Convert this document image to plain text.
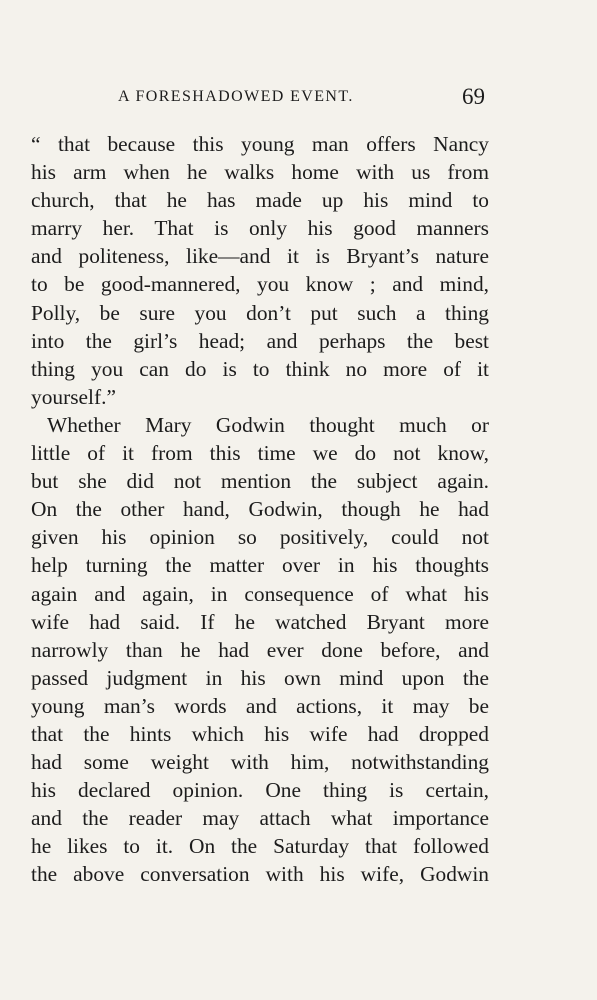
A FORESHADOWED EVENT.	69
“ that because this young man offers Nancy
his arm when he walks home with us from
church, that he has made up his mind to
marry her. That is only his good manners
and politeness, like—and it is Bryant’s nature
to be good-mannered, you know ; and mind,
Polly, be sure you don’t put such a thing
into the girl’s head; and perhaps the best
thing you can do is to think no more of it
yourself.”
Whether Mary Godwin thought much or
little of it from this time we do not know,
but she did not mention the subject again.
On the other hand, Godwin, though he had
given his opinion so positively, could not
help turning the matter over in his thoughts
again and again, in consequence of what his
wife had said. If he watched Bryant more
narrowly than he had ever done before, and
passed judgment in his own mind upon the
young man’s words and actions, it may be
that the hints which his wife had dropped
had some weight with him, notwithstanding
his declared opinion. One thing is certain,
and the reader may attach what importance
he likes to it. On the Saturday that followed
the above conversation with his wife, Godwin
